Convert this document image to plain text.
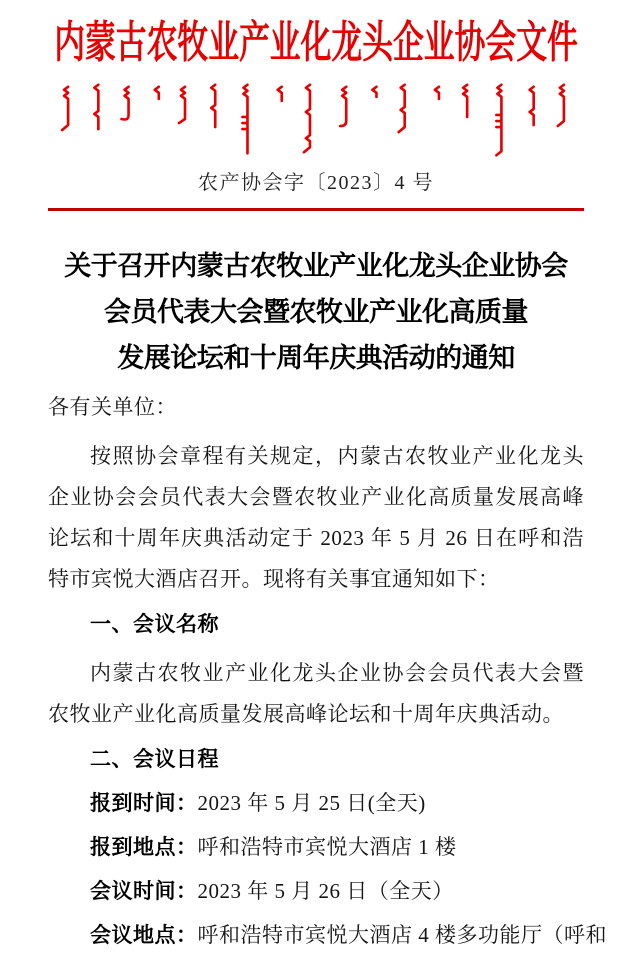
内蒙古农牧业产业化龙头企业协会文件
农产协会字〔2023〕4 号
关于召开内蒙古农牧业产业化龙头企业协会
会员代表大会暨农牧业产业化高质量
发展论坛和十周年庆典活动的通知

各有关单位：

按照协会章程有关规定，内蒙古农牧业产业化龙头企业协会会员代表大会暨农牧业产业化高质量发展高峰论坛和十周年庆典活动定于 2023 年 5 月 26 日在呼和浩特市宾悦大酒店召开。现将有关事宜通知如下：

一、会议名称

内蒙古农牧业产业化龙头企业协会会员代表大会暨农牧业产业化高质量发展高峰论坛和十周年庆典活动。

二、会议日程

报到时间：2023 年 5 月 25 日(全天)

报到地点：呼和浩特市宾悦大酒店 1 楼

会议时间：2023 年 5 月 26 日（全天）

会议地点：呼和浩特市宾悦大酒店 4 楼多功能厅（呼和
